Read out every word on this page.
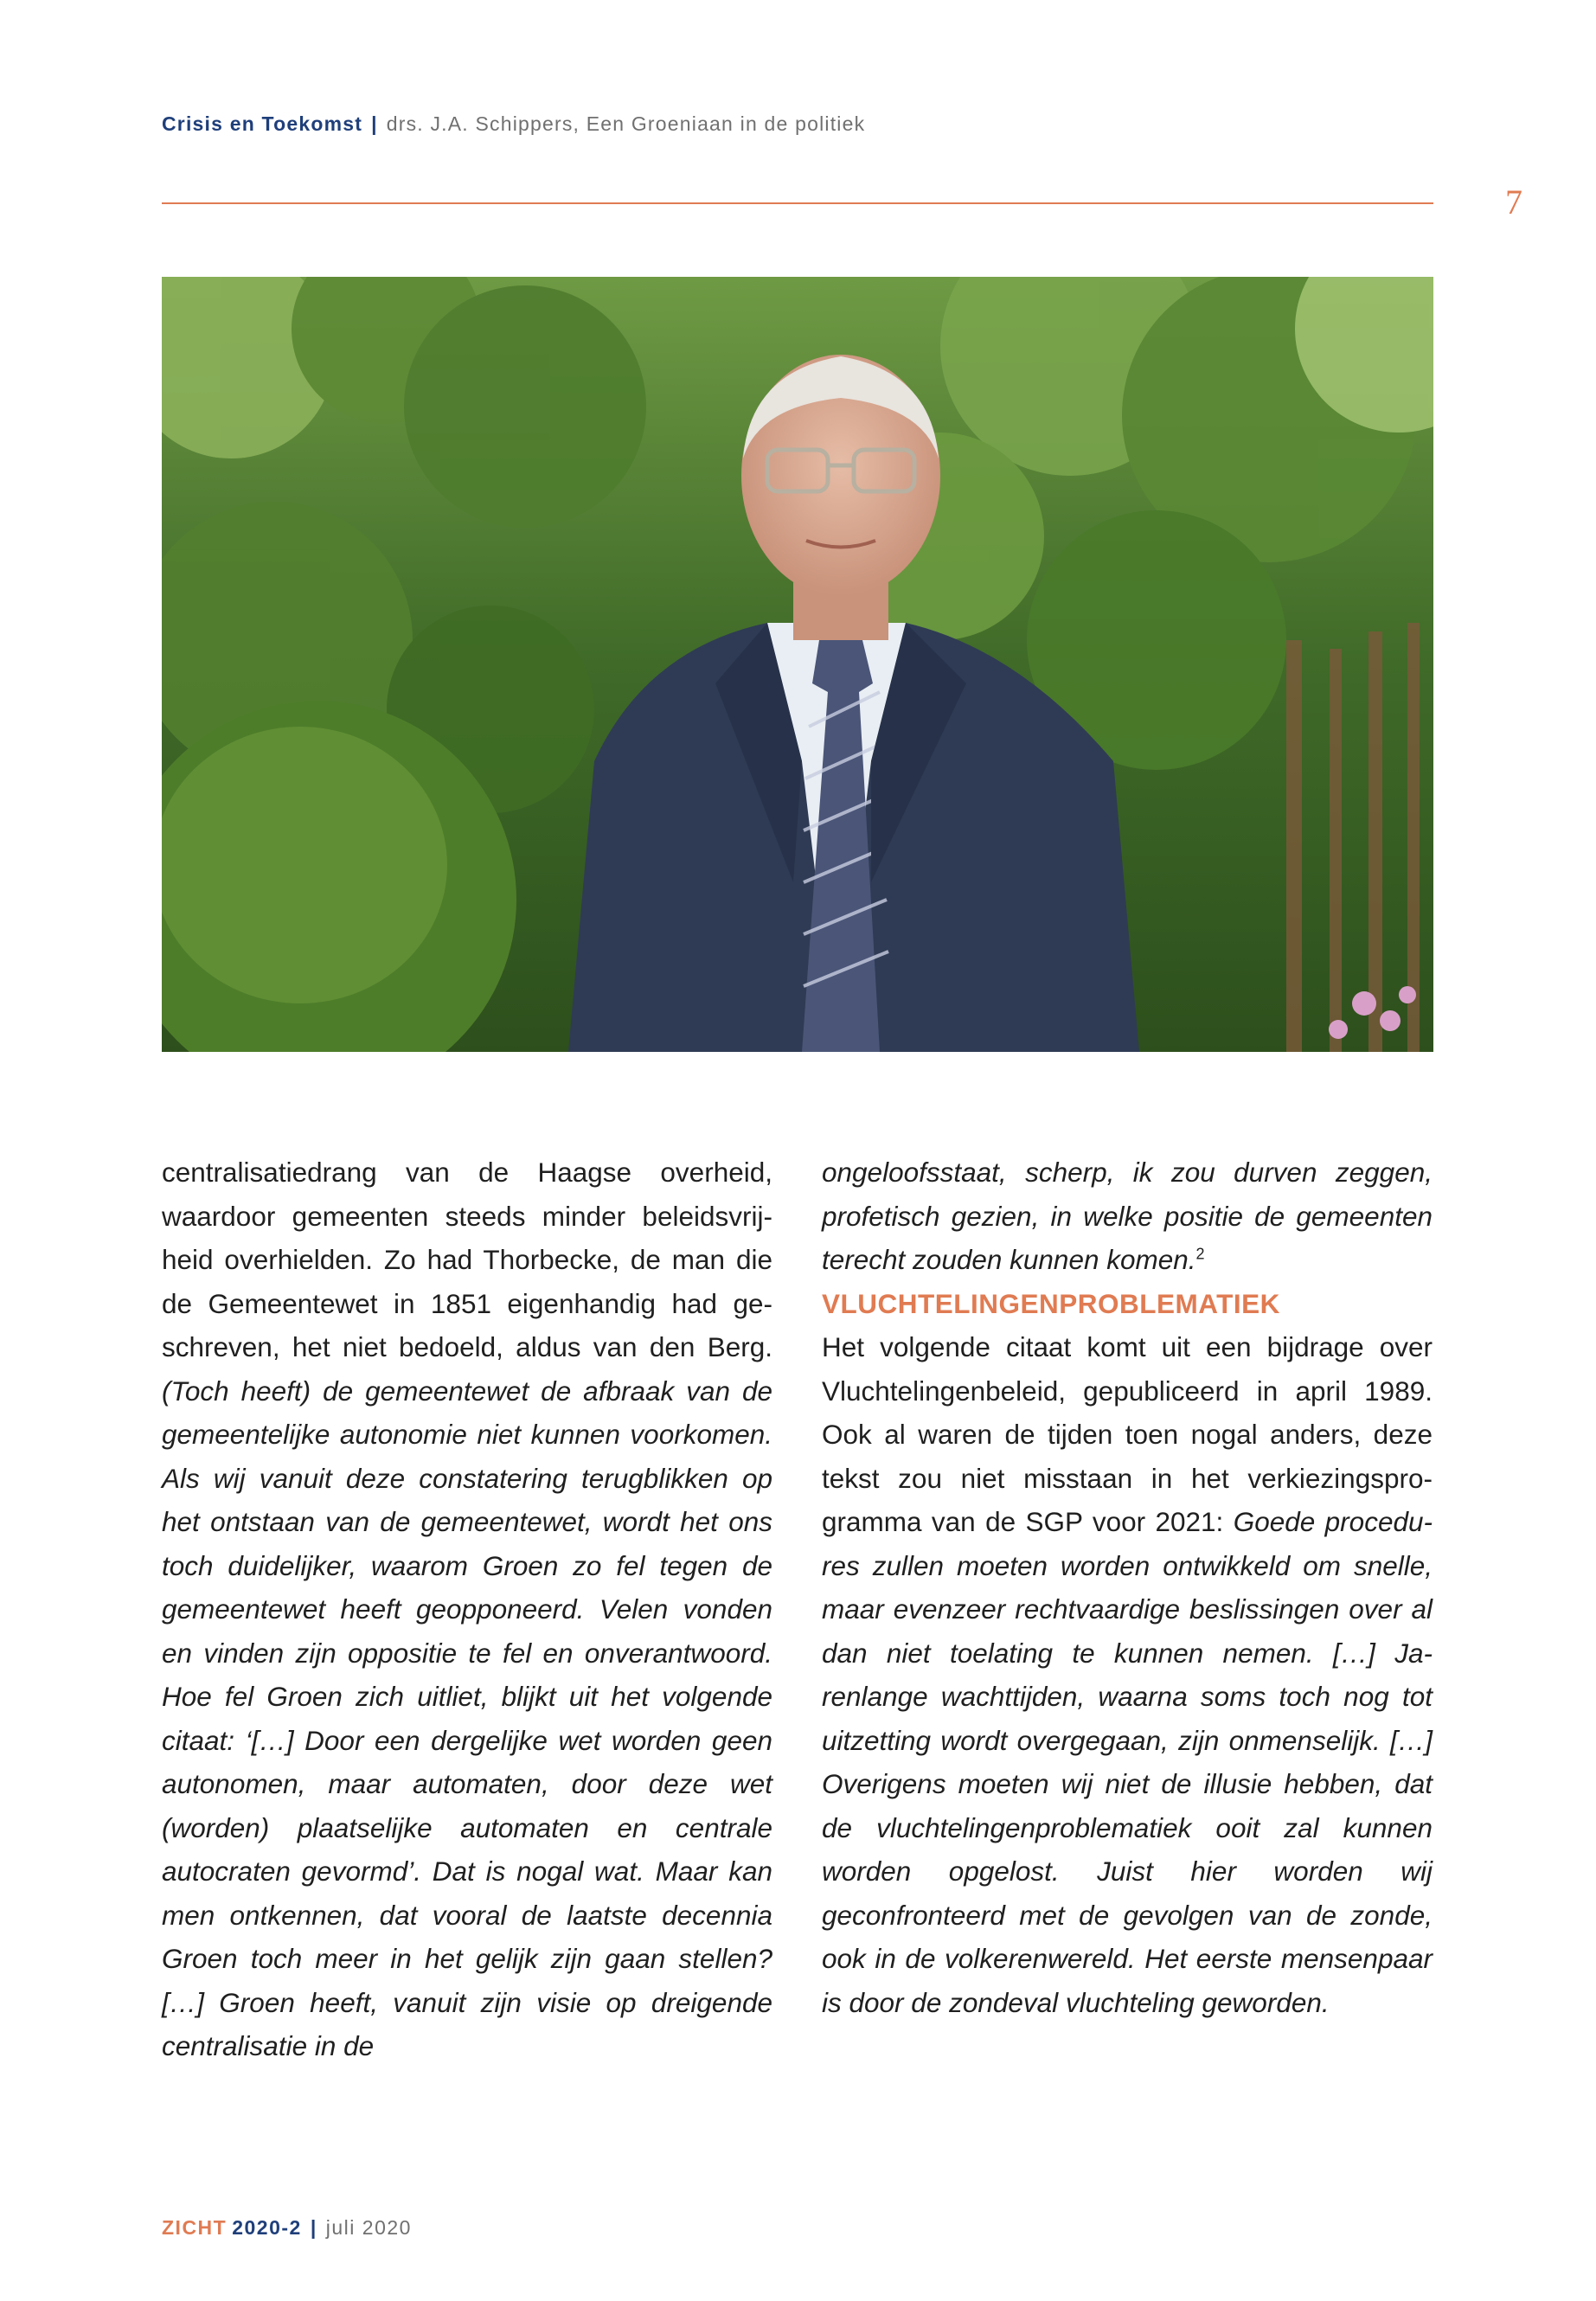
Crisis en Toekomst | drs. J.A. Schippers, Een Groeniaan in de politiek
7

centralisatiedrang van de Haagse overheid, waardoor gemeenten steeds minder beleidsvrijheid overhielden. Zo had Thorbecke, de man die de Gemeentewet in 1851 eigenhandig had geschreven, het niet bedoeld, aldus van den Berg. (Toch heeft) de gemeentewet de afbraak van de gemeentelijke autonomie niet kunnen voorkomen. Als wij vanuit deze constatering terugblikken op het ontstaan van de gemeentewet, wordt het ons toch duidelijker, waarom Groen zo fel tegen de gemeentewet heeft geopponeerd. Velen vonden en vinden zijn oppositie te fel en onverantwoord. Hoe fel Groen zich uitliet, blijkt uit het volgende citaat: ‘[…] Door een dergelijke wet worden geen autonomen, maar automaten, door deze wet (worden) plaatselijke automaten en centrale autocraten gevormd’. Dat is nogal wat. Maar kan men ontkennen, dat vooral de laatste decennia Groen toch meer in het gelijk zijn gaan stellen? […] Groen heeft, vanuit zijn visie op dreigende centralisatie in de

ongeloofsstaat, scherp, ik zou durven zeggen, profetisch gezien, in welke positie de gemeenten terecht zouden kunnen komen.$^2$

VLUCHTELINGENPROBLEMATIEK

Het volgende citaat komt uit een bijdrage over Vluchtelingenbeleid, gepubliceerd in april 1989. Ook al waren de tijden toen nogal anders, deze tekst zou niet misstaan in het verkiezingsprogramma van de SGP voor 2021: Goede procedures zullen moeten worden ontwikkeld om snelle, maar evenzeer rechtvaardige beslissingen over al dan niet toelating te kunnen nemen. […] Jarenlange wachttijden, waarna soms toch nog tot uitzetting wordt overgegaan, zijn onmenselijk. […] Overigens moeten wij niet de illusie hebben, dat de vluchtelingenproblematiek ooit zal kunnen worden opgelost. Juist hier worden wij geconfronteerd met de gevolgen van de zonde, ook in de volkerenwereld. Het eerste mensenpaar is door de zondeval vluchteling geworden.

ZICHT 2020-2 | juli 2020
